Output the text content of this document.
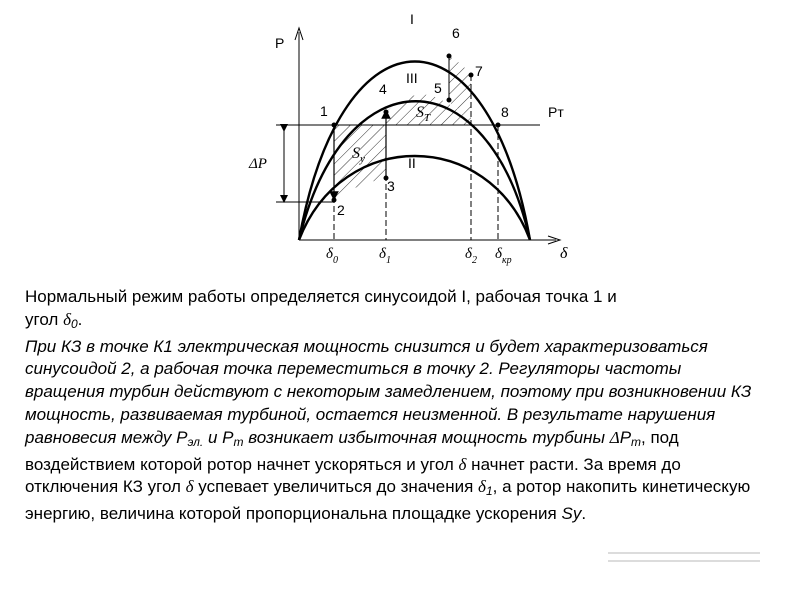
ΔP
P
Pт
I
III
II
1
2
3
4	5
6
7
8
$S_y$
$S_T$
$\delta_0$	$\delta_1$	$\delta_2$ $\delta_{кр}$	δ

Нормальный режим работы определяется синусоидой I, рабочая точка 1 и
угол $\delta_0$.

При КЗ в точке К1 электрическая мощность снизится и будет характеризоваться синусоидой 2, а рабочая точка переместиться в точку 2. Регуляторы частоты вращения турбин действуют с некоторым замедлением, поэтому при возникновении КЗ мощность, развиваемая турбиной, остается неизменной. В результате нарушения равновесия между $P_{эл.}$ и $P_т$ возникает избыточная мощность турбины $\Delta P_т$, под воздействием которой ротор начнет ускоряться и угол δ начнет расти. За время до отключения КЗ угол δ успевает увеличиться до значения $\delta_1$, а ротор накопить кинетическую энергию, величина которой пропорциональна площадке ускорения Sy.
